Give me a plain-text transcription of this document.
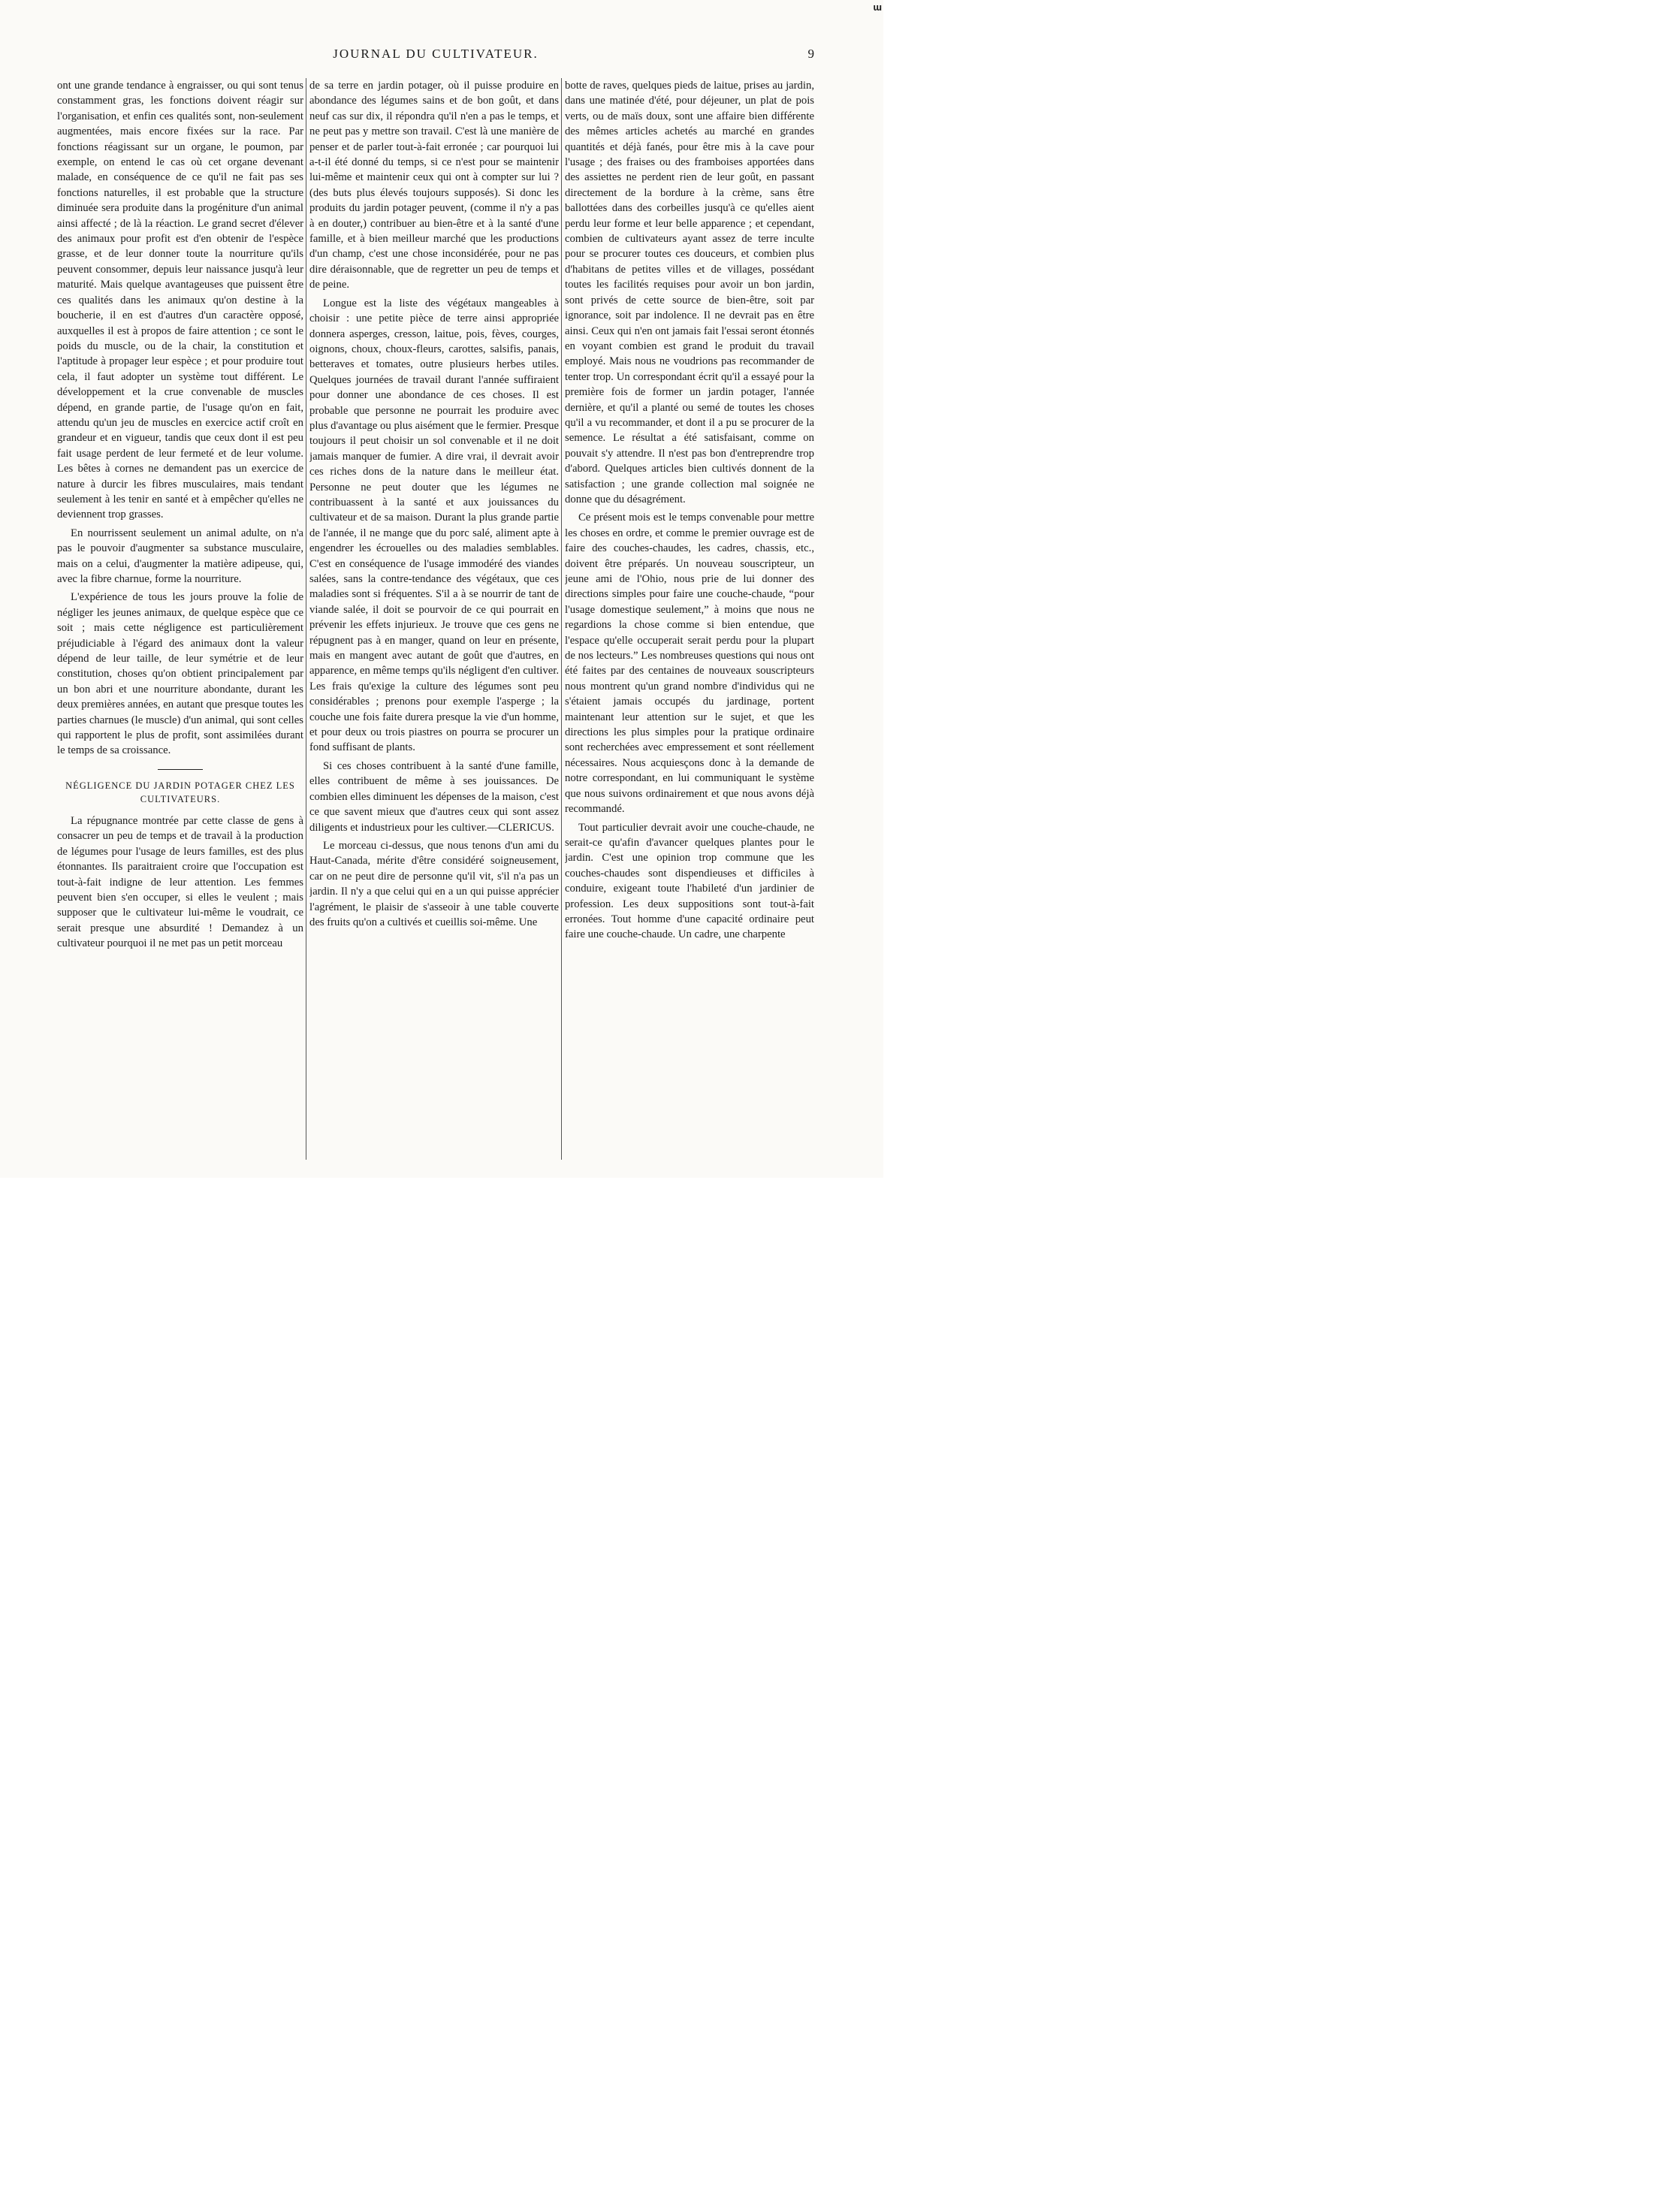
ɯ
JOURNAL DU CULTIVATEUR.	9

ont une grande tendance à engraisser, ou qui sont tenus constamment gras, les fonctions doivent réagir sur l'organisation, et enfin ces qualités sont, non-seulement augmentées, mais encore fixées sur la race. Par fonctions réagissant sur un organe, le poumon, par exemple, on entend le cas où cet organe devenant malade, en conséquence de ce qu'il ne fait pas ses fonctions naturelles, il est probable que la structure diminuée sera produite dans la progéniture d'un animal ainsi affecté ; de là la réaction. Le grand secret d'élever des animaux pour profit est d'en obtenir de l'espèce grasse, et de leur donner toute la nourriture qu'ils peuvent consommer, depuis leur naissance jusqu'à leur maturité. Mais quelque avantageuses que puissent être ces qualités dans les animaux qu'on destine à la boucherie, il en est d'autres d'un caractère opposé, auxquelles il est à propos de faire attention ; ce sont le poids du muscle, ou de la chair, la constitution et l'aptitude à propager leur espèce ; et pour produire tout cela, il faut adopter un système tout différent. Le développement et la crue convenable de muscles dépend, en grande partie, de l'usage qu'on en fait, attendu qu'un jeu de muscles en exercice actif croît en grandeur et en vigueur, tandis que ceux dont il est peu fait usage perdent de leur fermeté et de leur volume. Les bêtes à cornes ne demandent pas un exercice de nature à durcir les fibres musculaires, mais tendant seulement à les tenir en santé et à empêcher qu'elles ne deviennent trop grasses.

En nourrissent seulement un animal adulte, on n'a pas le pouvoir d'augmenter sa substance musculaire, mais on a celui, d'augmenter la matière adipeuse, qui, avec la fibre charnue, forme la nourriture.

L'expérience de tous les jours prouve la folie de négliger les jeunes animaux, de quelque espèce que ce soit ; mais cette négligence est particulièrement préjudiciable à l'égard des animaux dont la valeur dépend de leur taille, de leur symétrie et de leur constitution, choses qu'on obtient principalement par un bon abri et une nourriture abondante, durant les deux premières années, en autant que presque toutes les parties charnues (le muscle) d'un animal, qui sont celles qui rapportent le plus de profit, sont assimilées durant le temps de sa croissance.

NÉGLIGENCE DU JARDIN POTAGER CHEZ LES CULTIVATEURS.

La répugnance montrée par cette classe de gens à consacrer un peu de temps et de travail à la production de légumes pour l'usage de leurs familles, est des plus étonnantes. Ils paraitraient croire que l'occupation est tout-à-fait indigne de leur attention. Les femmes peuvent bien s'en occuper, si elles le veulent ; mais supposer que le cultivateur lui-même le voudrait, ce serait presque une absurdité ! Demandez à un cultivateur pourquoi il ne met pas un petit morceau

de sa terre en jardin potager, où il puisse produire en abondance des légumes sains et de bon goût, et dans neuf cas sur dix, il répondra qu'il n'en a pas le temps, et ne peut pas y mettre son travail. C'est là une manière de penser et de parler tout-à-fait erronée ; car pourquoi lui a-t-il été donné du temps, si ce n'est pour se maintenir lui-même et maintenir ceux qui ont à compter sur lui ? (des buts plus élevés toujours supposés). Si donc les produits du jardin potager peuvent, (comme il n'y a pas à en douter,) contribuer au bien-être et à la santé d'une famille, et à bien meilleur marché que les productions d'un champ, c'est une chose inconsidérée, pour ne pas dire déraisonnable, que de regretter un peu de temps et de peine.

Longue est la liste des végétaux mangeables à choisir : une petite pièce de terre ainsi appropriée donnera asperges, cresson, laitue, pois, fèves, courges, oignons, choux, choux-fleurs, carottes, salsifis, panais, betteraves et tomates, outre plusieurs herbes utiles. Quelques journées de travail durant l'année suffiraient pour donner une abondance de ces choses. Il est probable que personne ne pourrait les produire avec plus d'avantage ou plus aisément que le fermier. Presque toujours il peut choisir un sol convenable et il ne doit jamais manquer de fumier. A dire vrai, il devrait avoir ces riches dons de la nature dans le meilleur état. Personne ne peut douter que les légumes ne contribuassent à la santé et aux jouissances du cultivateur et de sa maison. Durant la plus grande partie de l'année, il ne mange que du porc salé, aliment apte à engendrer les écrouelles ou des maladies semblables. C'est en conséquence de l'usage immodéré des viandes salées, sans la contre-tendance des végétaux, que ces maladies sont si fréquentes. S'il a à se nourrir de tant de viande salée, il doit se pourvoir de ce qui pourrait en prévenir les effets injurieux. Je trouve que ces gens ne répugnent pas à en manger, quand on leur en présente, mais en mangent avec autant de goût que d'autres, en apparence, en même temps qu'ils négligent d'en cultiver. Les frais qu'exige la culture des légumes sont peu considérables ; prenons pour exemple l'asperge ; la couche une fois faite durera presque la vie d'un homme, et pour deux ou trois piastres on pourra se procurer un fond suffisant de plants.

Si ces choses contribuent à la santé d'une famille, elles contribuent de même à ses jouissances. De combien elles diminuent les dépenses de la maison, c'est ce que savent mieux que d'autres ceux qui sont assez diligents et industrieux pour les cultiver.—CLERICUS.

Le morceau ci-dessus, que nous tenons d'un ami du Haut-Canada, mérite d'être considéré soigneusement, car on ne peut dire de personne qu'il vit, s'il n'a pas un jardin. Il n'y a que celui qui en a un qui puisse apprécier l'agrément, le plaisir de s'asseoir à une table couverte des fruits qu'on a cultivés et cueillis soi-même. Une

botte de raves, quelques pieds de laitue, prises au jardin, dans une matinée d'été, pour déjeuner, un plat de pois verts, ou de maïs doux, sont une affaire bien différente des mêmes articles achetés au marché en grandes quantités et déjà fanés, pour être mis à la cave pour l'usage ; des fraises ou des framboises apportées dans des assiettes ne perdent rien de leur goût, en passant directement de la bordure à la crème, sans être ballottées dans des corbeilles jusqu'à ce qu'elles aient perdu leur forme et leur belle apparence ; et cependant, combien de cultivateurs ayant assez de terre inculte pour se procurer toutes ces douceurs, et combien plus d'habitans de petites villes et de villages, possédant toutes les facilités requises pour avoir un bon jardin, sont privés de cette source de bien-être, soit par ignorance, soit par indolence. Il ne devrait pas en être ainsi. Ceux qui n'en ont jamais fait l'essai seront étonnés en voyant combien est grand le produit du travail employé. Mais nous ne voudrions pas recommander de tenter trop. Un correspondant écrit qu'il a essayé pour la première fois de former un jardin potager, l'année dernière, et qu'il a planté ou semé de toutes les choses qu'il a vu recommander, et dont il a pu se procurer de la semence. Le résultat a été satisfaisant, comme on pouvait s'y attendre. Il n'est pas bon d'entreprendre trop d'abord. Quelques articles bien cultivés donnent de la satisfaction ; une grande collection mal soignée ne donne que du désagrément.

Ce présent mois est le temps convenable pour mettre les choses en ordre, et comme le premier ouvrage est de faire des couches-chaudes, les cadres, chassis, etc., doivent être préparés. Un nouveau souscripteur, un jeune ami de l'Ohio, nous prie de lui donner des directions simples pour faire une couche-chaude, “pour l'usage domestique seulement,” à moins que nous ne regardions la chose comme si bien entendue, que l'espace qu'elle occuperait serait perdu pour la plupart de nos lecteurs.” Les nombreuses questions qui nous ont été faites par des centaines de nouveaux souscripteurs nous montrent qu'un grand nombre d'individus qui ne s'étaient jamais occupés du jardinage, portent maintenant leur attention sur le sujet, et que les directions les plus simples pour la pratique ordinaire sont recherchées avec empressement et sont réellement nécessaires. Nous acquiesçons donc à la demande de notre correspondant, en lui communiquant le système que nous suivons ordinairement et que nous avons déjà recommandé.

Tout particulier devrait avoir une couche-chaude, ne serait-ce qu'afin d'avancer quelques plantes pour le jardin. C'est une opinion trop commune que les couches-chaudes sont dispendieuses et difficiles à conduire, exigeant toute l'habileté d'un jardinier de profession. Les deux suppositions sont tout-à-fait erronées. Tout homme d'une capacité ordinaire peut faire une couche-chaude. Un cadre, une charpente
